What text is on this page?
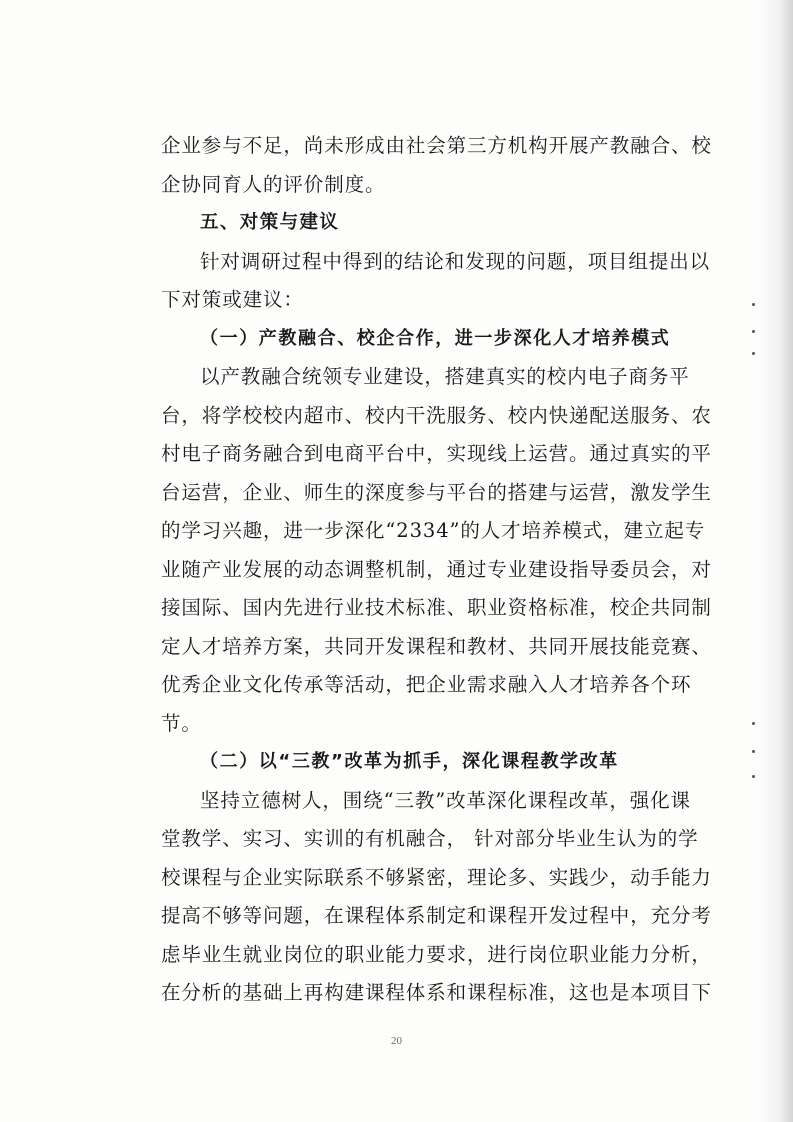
企业参与不足，尚未形成由社会第三方机构开展产教融合、校
企协同育人的评价制度。
五、对策与建议
针对调研过程中得到的结论和发现的问题，项目组提出以
下对策或建议：
（一）产教融合、校企合作，进一步深化人才培养模式
以产教融合统领专业建设，搭建真实的校内电子商务平
台，将学校校内超市、校内干洗服务、校内快递配送服务、农
村电子商务融合到电商平台中，实现线上运营。通过真实的平
台运营，企业、师生的深度参与平台的搭建与运营，激发学生
的学习兴趣，进一步深化“2334”的人才培养模式，建立起专
业随产业发展的动态调整机制，通过专业建设指导委员会，对
接国际、国内先进行业技术标准、职业资格标准，校企共同制
定人才培养方案，共同开发课程和教材、共同开展技能竞赛、
优秀企业文化传承等活动，把企业需求融入人才培养各个环
节。
（二）以“三教”改革为抓手，深化课程教学改革
坚持立德树人，围绕“三教”改革深化课程改革，强化课
堂教学、实习、实训的有机融合， 针对部分毕业生认为的学
校课程与企业实际联系不够紧密，理论多、实践少，动手能力
提高不够等问题，在课程体系制定和课程开发过程中，充分考
虑毕业生就业岗位的职业能力要求，进行岗位职业能力分析，
在分析的基础上再构建课程体系和课程标准，这也是本项目下
20
